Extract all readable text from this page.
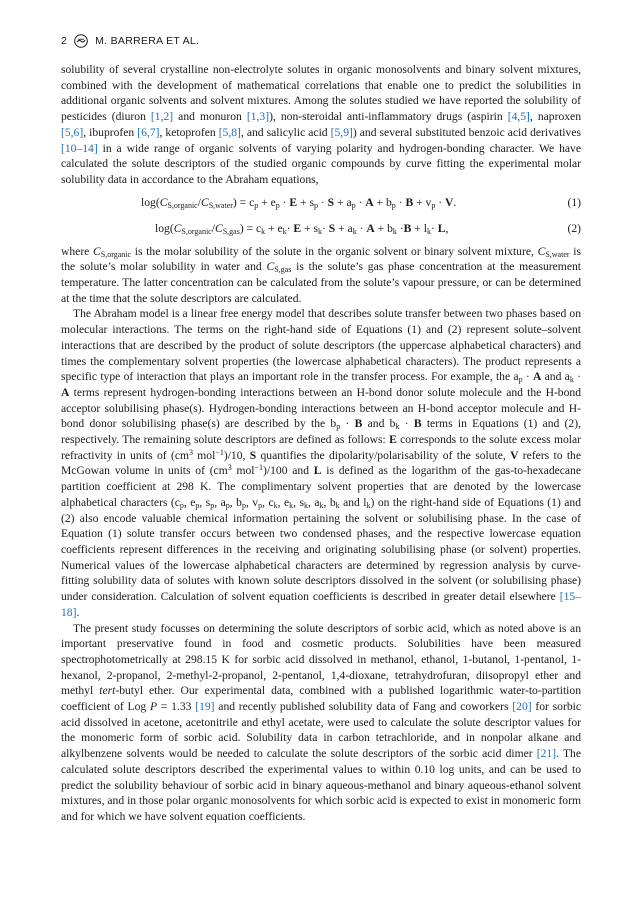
2	M. BARRERA ET AL.

solubility of several crystalline non-electrolyte solutes in organic monosolvents and binary solvent mixtures, combined with the development of mathematical correlations that enable one to predict the solubilities in additional organic solvents and solvent mixtures. Among the solutes studied we have reported the solubility of pesticides (diuron [1,2] and monuron [1,3]), non-steroidal anti-inflammatory drugs (aspirin [4,5], naproxen [5,6], ibuprofen [6,7], ketoprofen [5,8], and salicylic acid [5,9]) and several substituted benzoic acid derivatives [10–14] in a wide range of organic solvents of varying polarity and hydrogen-bonding character. We have calculated the solute descriptors of the studied organic compounds by curve fitting the experimental molar solubility data in accordance to the Abraham equations,

$\log(C_{S,organic}/C_{S,water}) = c_p + e_p \cdot E + s_p \cdot S + a_p \cdot A + b_p \cdot B + v_p \cdot V$.	(1)
$\log(C_{S,organic}/C_{S,gas}) = c_k + e_k\cdot E + s_k\cdot S + a_k \cdot A + b_k \cdot B + l_k\cdot L$,	(2)

where $C_{S,organic}$ is the molar solubility of the solute in the organic solvent or binary solvent mixture, $C_{S,water}$ is the solute’s molar solubility in water and $C_{S,gas}$ is the solute’s gas phase concentration at the measurement temperature. The latter concentration can be calculated from the solute’s vapour pressure, or can be determined at the time that the solute descriptors are calculated.

The Abraham model is a linear free energy model that describes solute transfer between two phases based on molecular interactions. The terms on the right-hand side of Equations (1) and (2) represent solute–solvent interactions that are described by the product of solute descriptors (the uppercase alphabetical characters) and times the complementary solvent properties (the lowercase alphabetical characters). The product represents a specific type of interaction that plays an important role in the transfer process. For example, the $a_p \cdot A$ and $a_k \cdot A$ terms represent hydrogen-bonding interactions between an H-bond donor solute molecule and the H-bond acceptor solubilising phase(s). Hydrogen-bonding interactions between an H-bond acceptor molecule and H-bond donor solubilising phase(s) are described by the $b_p \cdot B$ and $b_k \cdot B$ terms in Equations (1) and (2), respectively. The remaining solute descriptors are defined as follows: E corresponds to the solute excess molar refractivity in units of ($cm^3$ mol$^{-1}$)/10, S quantifies the dipolarity/polarisability of the solute, V refers to the McGowan volume in units of ($cm^3$ mol$^{-1}$)/100 and L is defined as the logarithm of the gas-to-hexadecane partition coefficient at 298 K. The complimentary solvent properties that are denoted by the lowercase alphabetical characters ($c_p$, $e_p$, $s_p$, $a_p$, $b_p$, $v_p$, $c_k$, $e_k$, $s_k$, $a_k$, $b_k$ and $l_k$) on the right-hand side of Equations (1) and (2) also encode valuable chemical information pertaining the solvent or solubilising phase. In the case of Equation (1) solute transfer occurs between two condensed phases, and the respective lowercase equation coefficients represent differences in the receiving and originating solubilising phase (or solvent) properties. Numerical values of the lowercase alphabetical characters are determined by regression analysis by curve-fitting solubility data of solutes with known solute descriptors dissolved in the solvent (or solubilising phase) under consideration. Calculation of solvent equation coefficients is described in greater detail elsewhere [15–18].

The present study focusses on determining the solute descriptors of sorbic acid, which as noted above is an important preservative found in food and cosmetic products. Solubilities have been measured spectrophotometrically at 298.15 K for sorbic acid dissolved in methanol, ethanol, 1-butanol, 1-pentanol, 1-hexanol, 2-propanol, 2-methyl-2-propanol, 2-pentanol, 1,4-dioxane, tetrahydrofuran, diisopropyl ether and methyl tert-butyl ether. Our experimental data, combined with a published logarithmic water-to-partition coefficient of Log P = 1.33 [19] and recently published solubility data of Fang and coworkers [20] for sorbic acid dissolved in acetone, acetonitrile and ethyl acetate, were used to calculate the solute descriptor values for the monomeric form of sorbic acid. Solubility data in carbon tetrachloride, and in nonpolar alkane and alkylbenzene solvents would be needed to calculate the solute descriptors of the sorbic acid dimer [21]. The calculated solute descriptors described the experimental values to within 0.10 log units, and can be used to predict the solubility behaviour of sorbic acid in binary aqueous-methanol and binary aqueous-ethanol solvent mixtures, and in those polar organic monosolvents for which sorbic acid is expected to exist in monomeric form and for which we have solvent equation coefficients.
